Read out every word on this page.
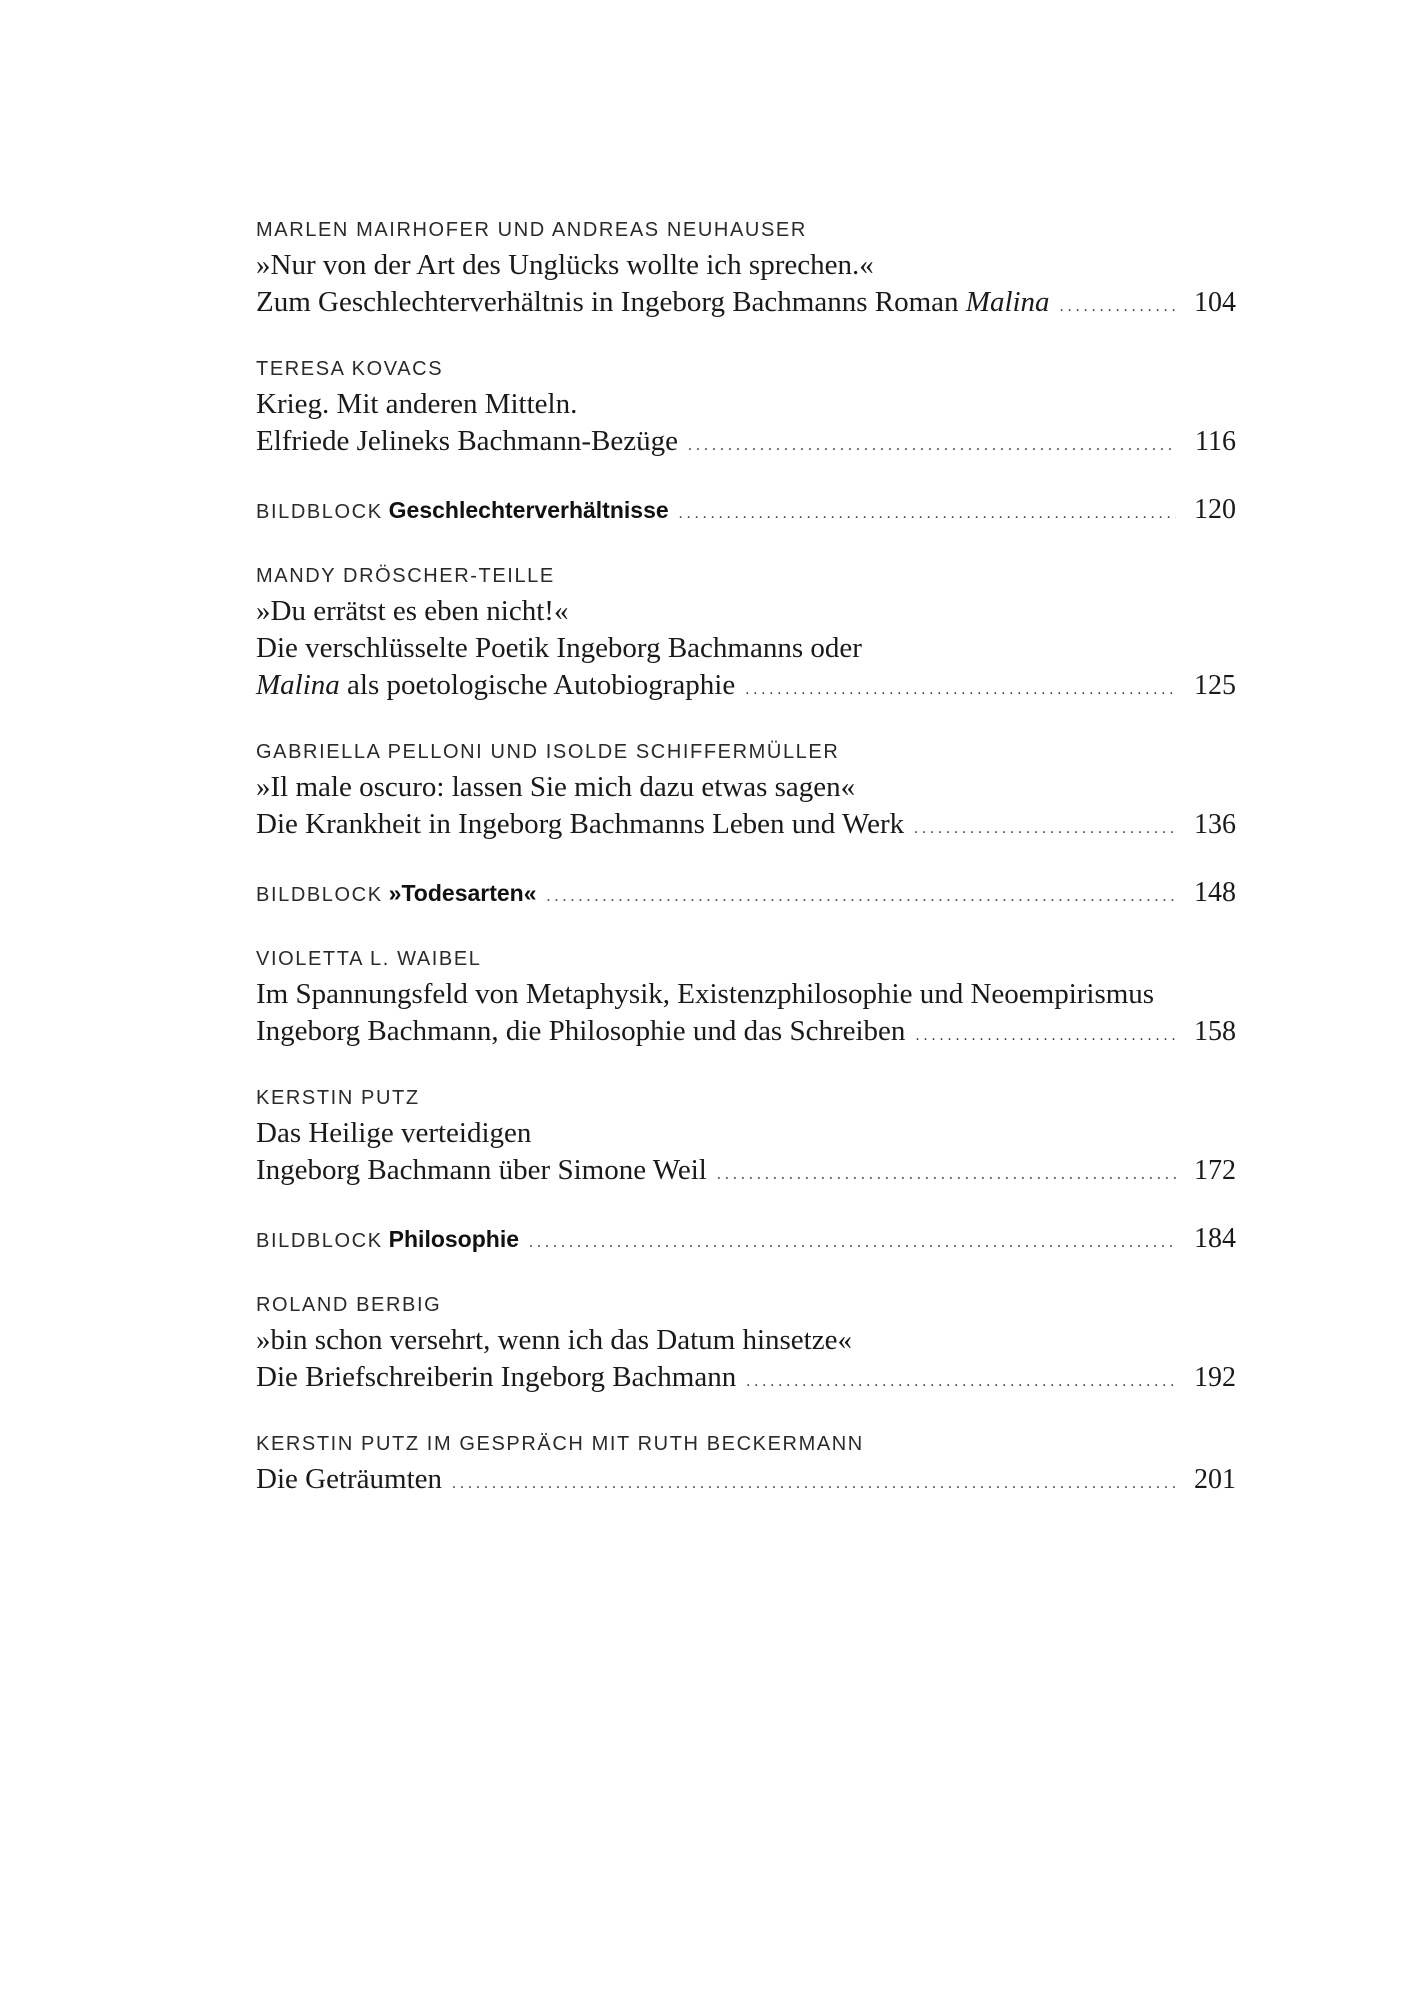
MARLEN MAIRHOFER UND ANDREAS NEUHAUSER
»Nur von der Art des Unglücks wollte ich sprechen.«
Zum Geschlechterverhältnis in Ingeborg Bachmanns Roman Malina .....	104
TERESA KOVACS
Krieg. Mit anderen Mitteln.
Elfriede Jelineks Bachmann-Bezüge .....	116
BILDBLOCK Geschlechterverhältnisse .....	120
MANDY DRÖSCHER-TEILLE
»Du errätst es eben nicht!«
Die verschlüsselte Poetik Ingeborg Bachmanns oder
Malina als poetologische Autobiographie .....	125
GABRIELLA PELLONI UND ISOLDE SCHIFFERMÜLLER
»Il male oscuro: lassen Sie mich dazu etwas sagen«
Die Krankheit in Ingeborg Bachmanns Leben und Werk .....	136
BILDBLOCK »Todesarten« .....	148
VIOLETTA L. WAIBEL
Im Spannungsfeld von Metaphysik, Existenzphilosophie und Neoempirismus
Ingeborg Bachmann, die Philosophie und das Schreiben .....	158
KERSTIN PUTZ
Das Heilige verteidigen
Ingeborg Bachmann über Simone Weil .....	172
BILDBLOCK Philosophie .....	184
ROLAND BERBIG
»bin schon versehrt, wenn ich das Datum hinsetze«
Die Briefschreiberin Ingeborg Bachmann .....	192
KERSTIN PUTZ IM GESPRÄCH MIT RUTH BECKERMANN
Die Geträumten .....	201
